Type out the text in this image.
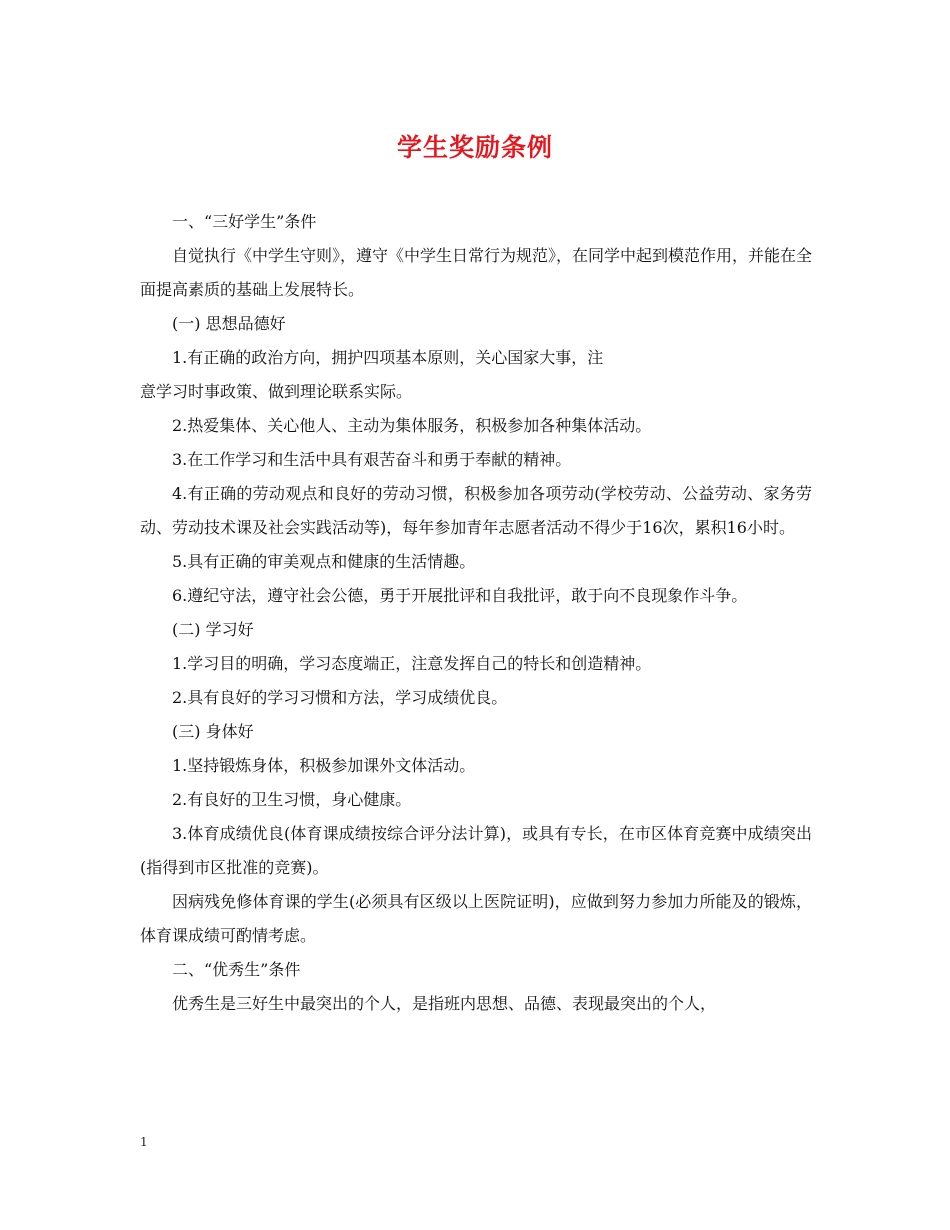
学生奖励条例

一、“三好学生”条件

自觉执行《中学生守则》，遵守《中学生日常行为规范》，在同学中起到模范作用，并能在全面提高素质的基础上发展特长。

(一) 思想品德好

1.有正确的政治方向，拥护四项基本原则，关心国家大事，注

意学习时事政策、做到理论联系实际。

2.热爱集体、关心他人、主动为集体服务，积极参加各种集体活动。

3.在工作学习和生活中具有艰苦奋斗和勇于奉献的精神。

4.有正确的劳动观点和良好的劳动习惯，积极参加各项劳动(学校劳动、公益劳动、家务劳动、劳动技术课及社会实践活动等)，每年参加青年志愿者活动不得少于16次，累积16小时。

5.具有正确的审美观点和健康的生活情趣。

6.遵纪守法，遵守社会公德，勇于开展批评和自我批评，敢于向不良现象作斗争。

(二) 学习好

1.学习目的明确，学习态度端正，注意发挥自己的特长和创造精神。

2.具有良好的学习习惯和方法，学习成绩优良。

(三) 身体好

1.坚持锻炼身体，积极参加课外文体活动。

2.有良好的卫生习惯，身心健康。

3.体育成绩优良(体育课成绩按综合评分法计算)，或具有专长，在市区体育竞赛中成绩突出(指得到市区批准的竞赛)。

因病残免修体育课的学生(必须具有区级以上医院证明)，应做到努力参加力所能及的锻炼，体育课成绩可酌情考虑。

二、“优秀生”条件

优秀生是三好生中最突出的个人，是指班内思想、品德、表现最突出的个人，

1
